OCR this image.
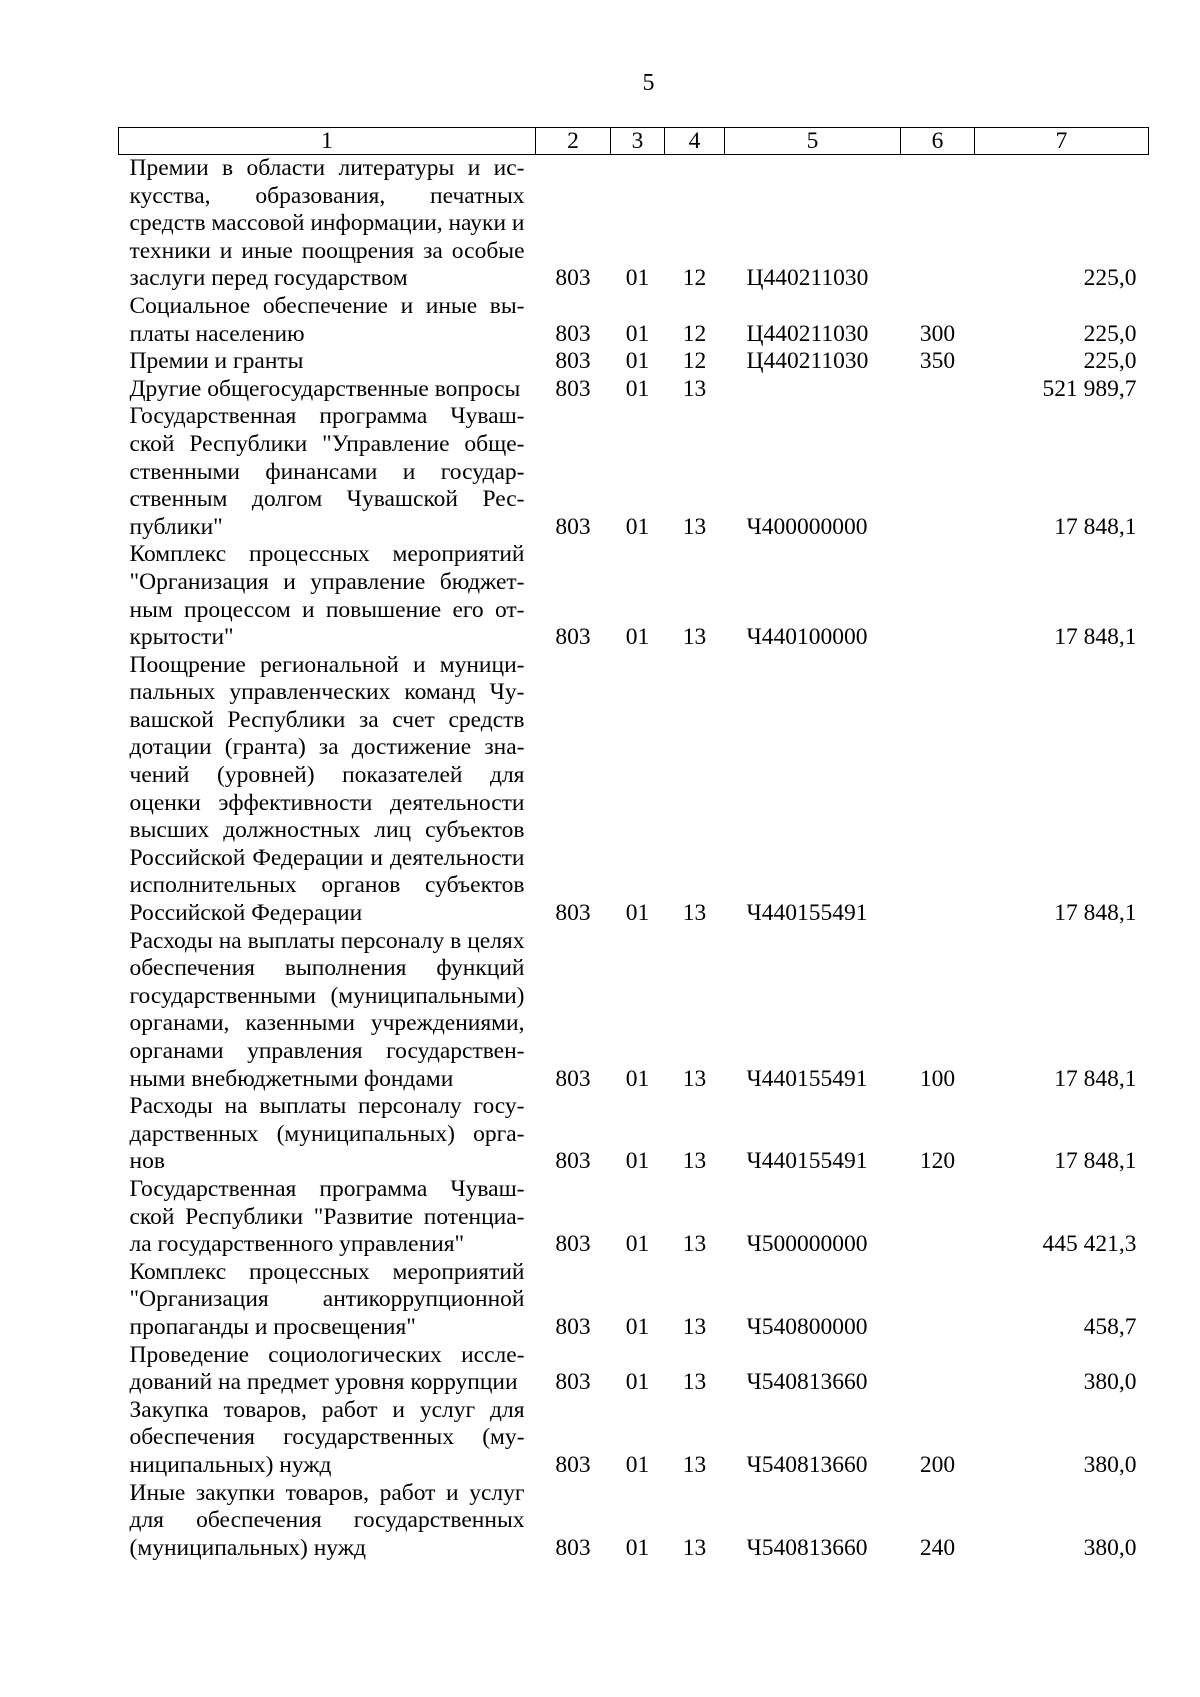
5
1	2	3	4	5	6	7
Премии в области литературы и искусства, образования, печатных средств массовой информации, науки и техники и иные поощрения за особые заслуги перед государством	803	01	12	Ц440211030		225,0
Социальное обеспечение и иные выплаты населению	803	01	12	Ц440211030	300	225,0
Премии и гранты	803	01	12	Ц440211030	350	225,0
Другие общегосударственные вопросы	803	01	13			521 989,7
Государственная программа Чувашской Республики "Управление общественными финансами и государственным долгом Чувашской Республики"	803	01	13	Ч400000000		17 848,1
Комплекс процессных мероприятий "Организация и управление бюджетным процессом и повышение его открытости"	803	01	13	Ч440100000		17 848,1
Поощрение региональной и муниципальных управленческих команд Чувашской Республики за счет средств дотации (гранта) за достижение значений (уровней) показателей для оценки эффективности деятельности высших должностных лиц субъектов Российской Федерации и деятельности исполнительных органов субъектов Российской Федерации	803	01	13	Ч440155491		17 848,1
Расходы на выплаты персоналу в целях обеспечения выполнения функций государственными (муниципальными) органами, казенными учреждениями, органами управления государственными внебюджетными фондами	803	01	13	Ч440155491	100	17 848,1
Расходы на выплаты персоналу государственных (муниципальных) органов	803	01	13	Ч440155491	120	17 848,1
Государственная программа Чувашской Республики "Развитие потенциала государственного управления"	803	01	13	Ч500000000		445 421,3
Комплекс процессных мероприятий "Организация антикоррупционной пропаганды и просвещения"	803	01	13	Ч540800000		458,7
Проведение социологических исследований на предмет уровня коррупции	803	01	13	Ч540813660		380,0
Закупка товаров, работ и услуг для обеспечения государственных (муниципальных) нужд	803	01	13	Ч540813660	200	380,0
Иные закупки товаров, работ и услуг для обеспечения государственных (муниципальных) нужд	803	01	13	Ч540813660	240	380,0
